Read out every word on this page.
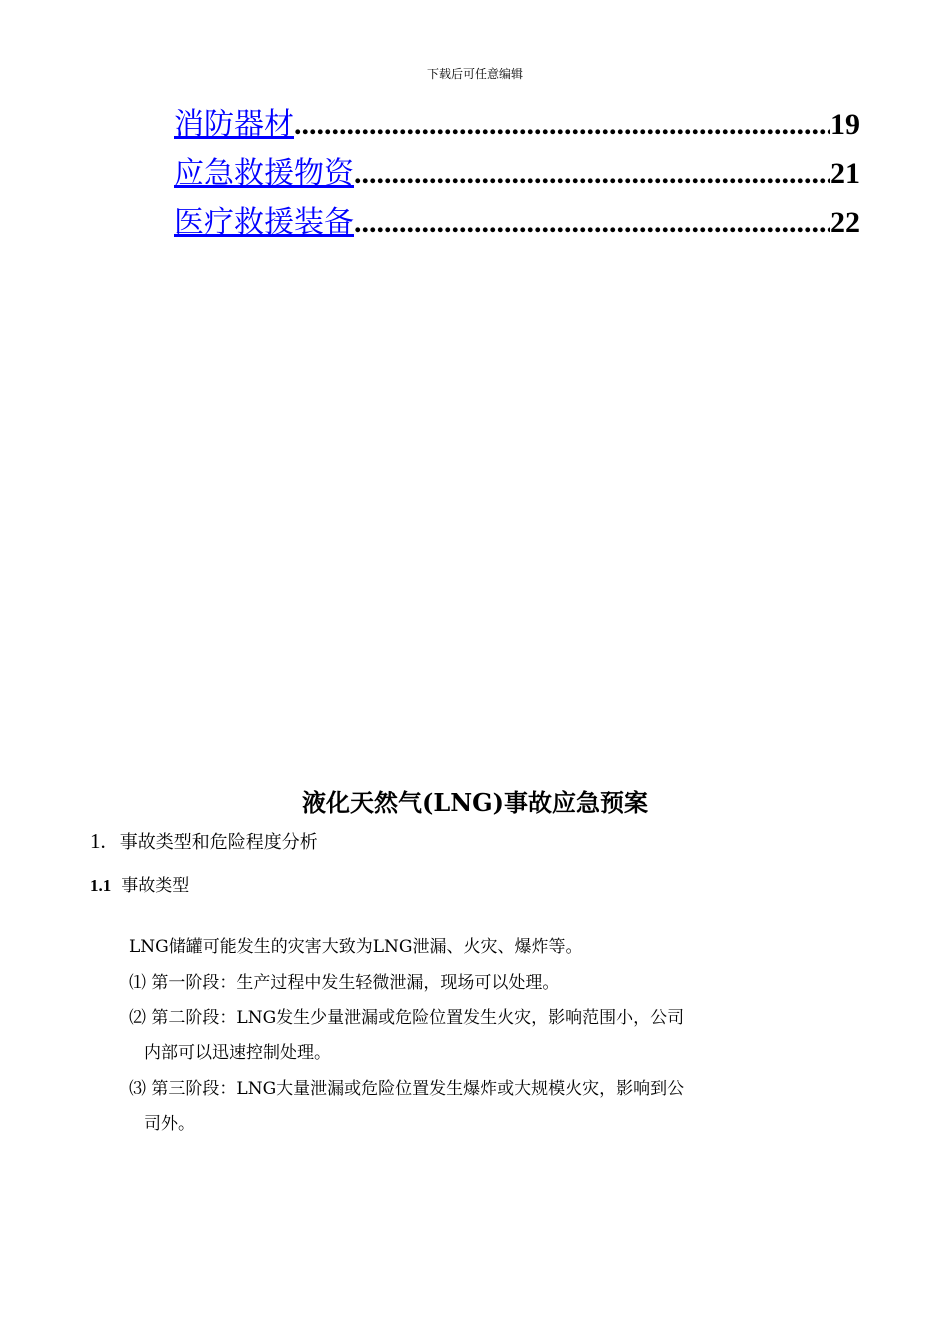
下载后可任意编辑
消防器材 .....	19
应急救援物资 .....	21
医疗救援装备 .....	22
液化天然气(LNG)事故应急预案
1. 事故类型和危险程度分析
1.1 事故类型
LNG储罐可能发生的灾害大致为LNG泄漏、火灾、爆炸等。
⑴ 第一阶段：生产过程中发生轻微泄漏，现场可以处理。
⑵ 第二阶段：LNG发生少量泄漏或危险位置发生火灾，影响范围小，公司
内部可以迅速控制处理。
⑶ 第三阶段：LNG大量泄漏或危险位置发生爆炸或大规模火灾，影响到公
司外。
